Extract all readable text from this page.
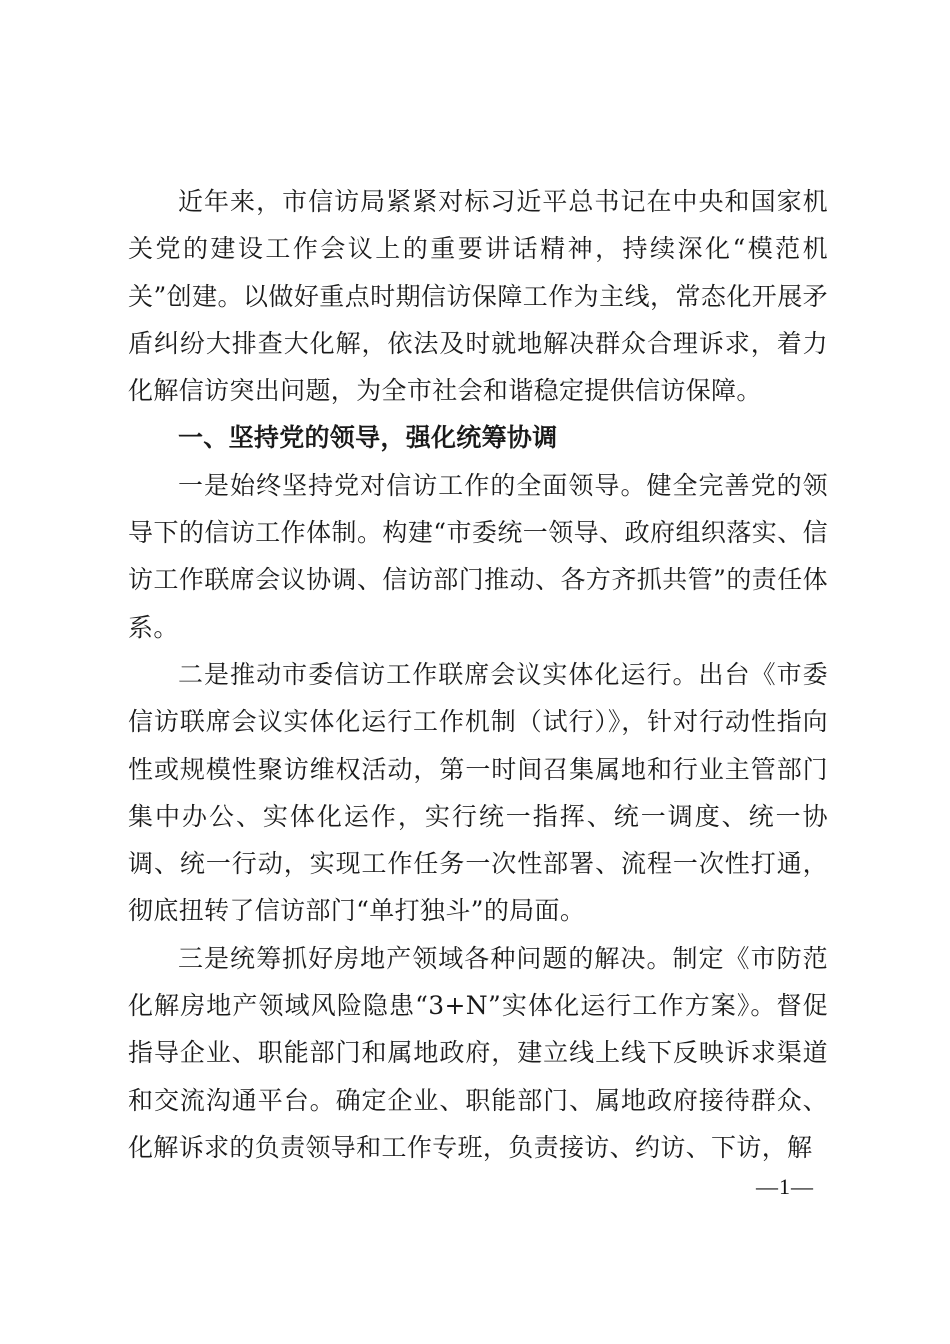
近年来，市信访局紧紧对标习近平总书记在中央和国家机关党的建设工作会议上的重要讲话精神，持续深化“模范机关”创建。以做好重点时期信访保障工作为主线，常态化开展矛盾纠纷大排查大化解，依法及时就地解决群众合理诉求，着力化解信访突出问题，为全市社会和谐稳定提供信访保障。

一、坚持党的领导，强化统筹协调

一是始终坚持党对信访工作的全面领导。健全完善党的领导下的信访工作体制。构建“市委统一领导、政府组织落实、信访工作联席会议协调、信访部门推动、各方齐抓共管”的责任体系。

二是推动市委信访工作联席会议实体化运行。出台《市委信访联席会议实体化运行工作机制（试行）》，针对行动性指向性或规模性聚访维权活动，第一时间召集属地和行业主管部门集中办公、实体化运作，实行统一指挥、统一调度、统一协调、统一行动，实现工作任务一次性部署、流程一次性打通，彻底扭转了信访部门“单打独斗”的局面。

三是统筹抓好房地产领域各种问题的解决。制定《市防范化解房地产领域风险隐患“3+N”实体化运行工作方案》。督促指导企业、职能部门和属地政府，建立线上线下反映诉求渠道和交流沟通平台。确定企业、职能部门、属地政府接待群众、化解诉求的负责领导和工作专班，负责接访、约访、下访，解

—1—
